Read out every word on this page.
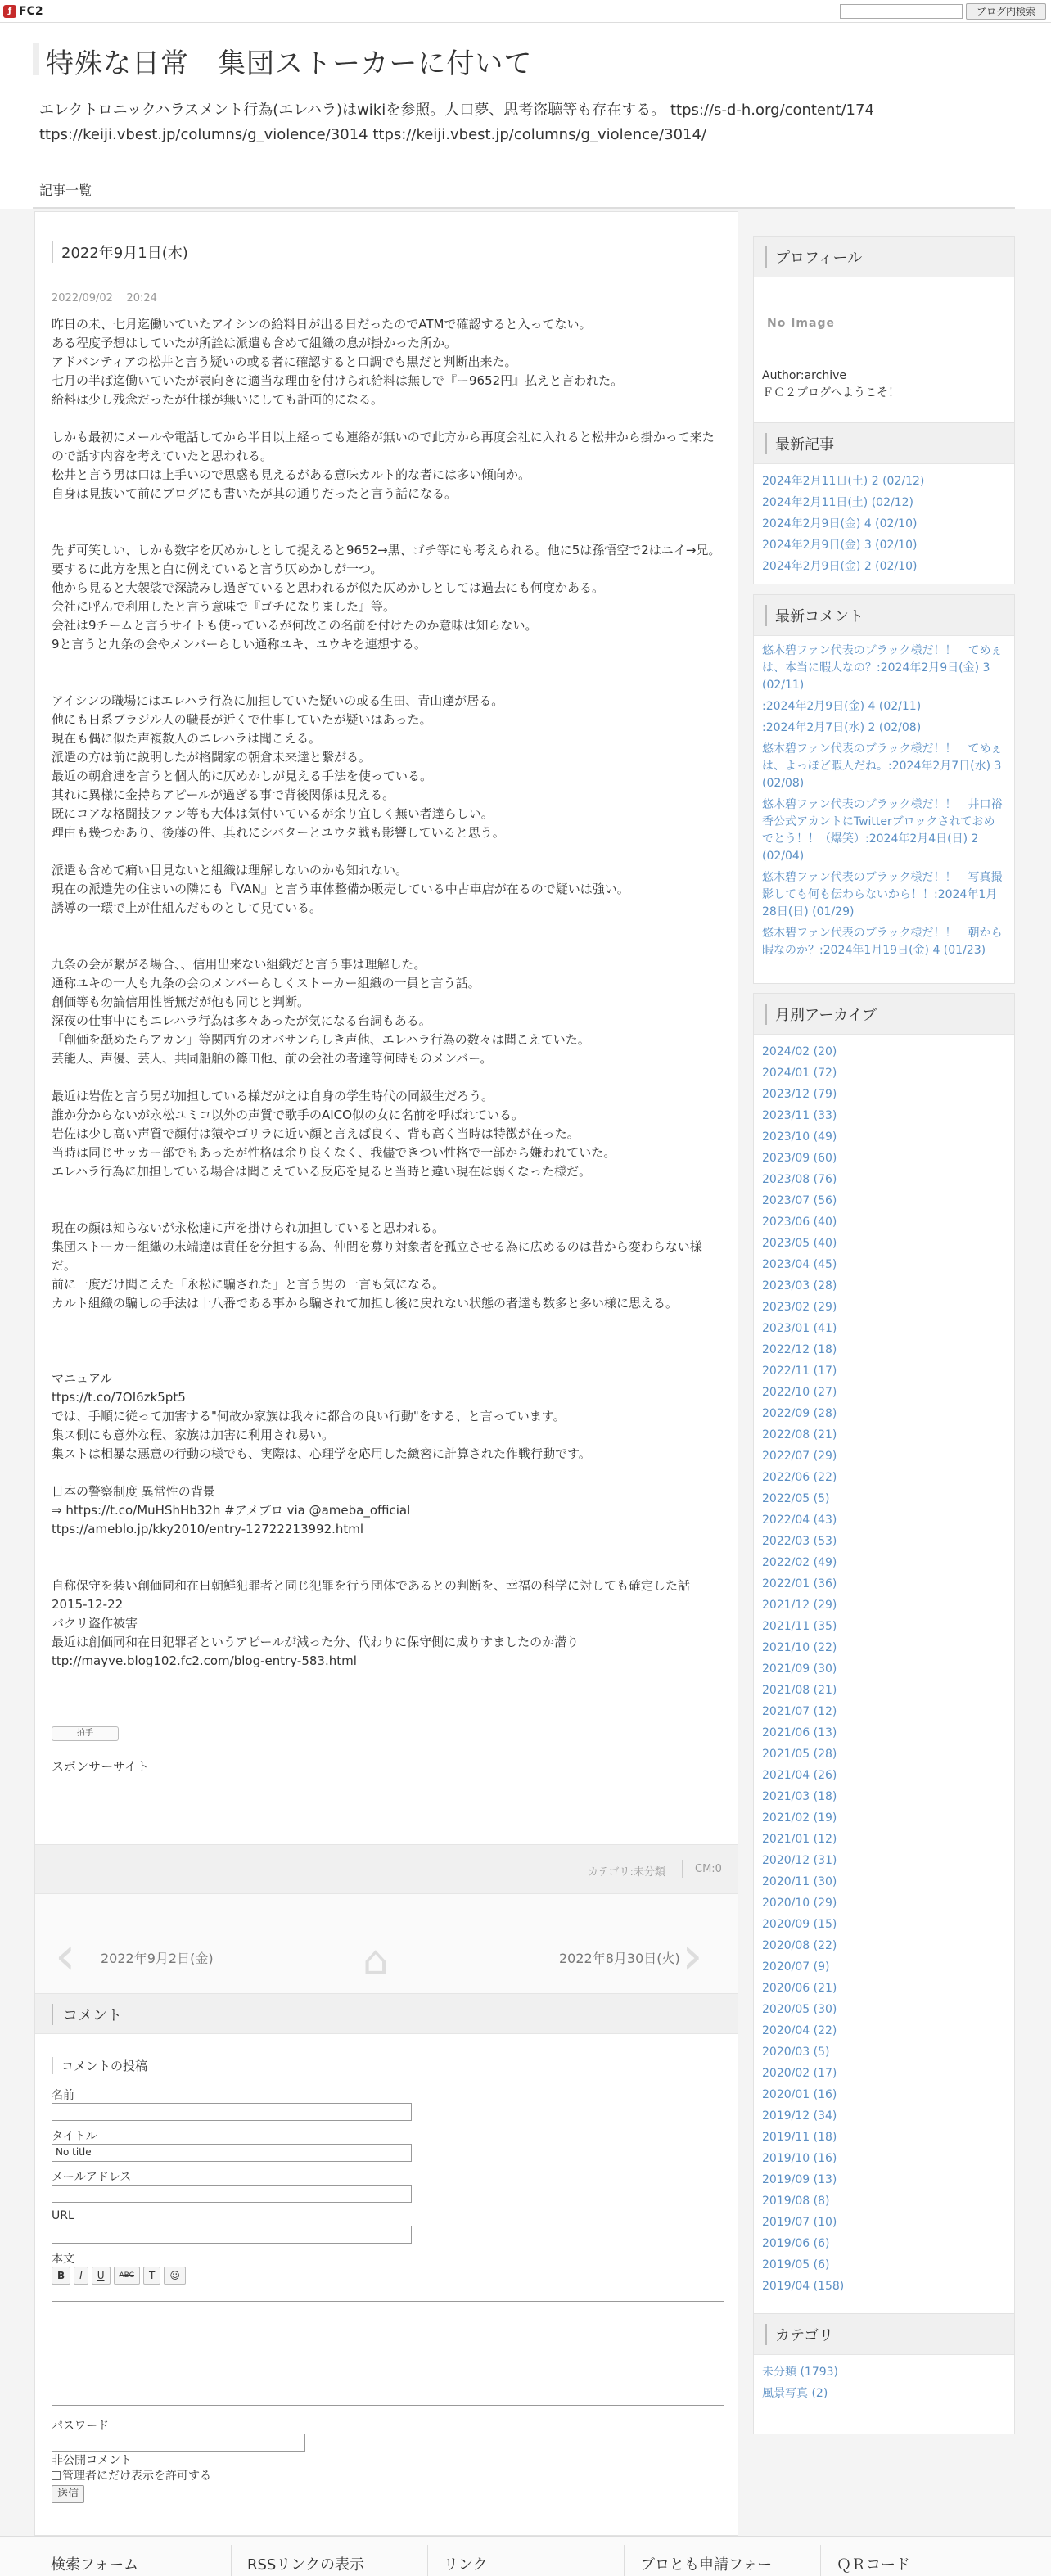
ƒ FC2	ブログ内検索
特殊な日常　集団ストーカーに付いて
エレクトロニックハラスメント行為(エレハラ)はwikiを参照。人口夢、思考盗聴等も存在する。 ttps://s-d-h.org/content/174 ttps://keiji.vbest.jp/columns/g_violence/3014 ttps://keiji.vbest.jp/columns/g_violence/3014/
記事一覧
2022年9月1日(木)
2022/09/02 20:24
昨日の未、七月迄働いていたアイシンの給料日が出る日だったのでATMで確認すると入ってない。
ある程度予想はしていたが所詮は派遣も含めて組織の息が掛かった所か。
アドバンティアの松井と言う疑いの或る者に確認すると口調でも黒だと判断出来た。
七月の半ば迄働いていたが表向きに適当な理由を付けられ給料は無しで『ー9652円』払えと言われた。
給料は少し残念だったが仕様が無いにしても計画的になる。

しかも最初にメールや電話してから半日以上経っても連絡が無いので此方から再度会社に入れると松井から掛かって来たので話す内容を考えていたと思われる。
松井と言う男は口は上手いので思惑も見えるがある意味カルト的な者には多い傾向か。
自身は見抜いて前にブログにも書いたが其の通りだったと言う話になる。

先ず可笑しい、しかも数字を仄めかしとして捉えると9652→黒、ゴチ等にも考えられる。他に5は孫悟空で2はニイ→兄。
要するに此方を黒と白に例えていると言う仄めかしが一つ。
他から見ると大袈裟で深読みし過ぎていると思われるが似た仄めかしとしては過去にも何度かある。
会社に呼んで利用したと言う意味で『ゴチになりました』等。
会社は9チームと言うサイトも使っているが何故この名前を付けたのか意味は知らない。
9と言うと九条の会やメンバーらしい通称ユキ、ユウキを連想する。

アイシンの職場にはエレハラ行為に加担していた疑いの或る生田、青山達が居る。
他にも日系ブラジル人の職長が近くで仕事していたが疑いはあった。
現在も偶に似た声複数人のエレハラは聞こえる。
派遣の方は前に説明したが格闘家の朝倉未来達と繋がる。
最近の朝倉達を言うと個人的に仄めかしが見える手法を使っている。
其れに異様に金持ちアピールが過ぎる事で背後関係は見える。
既にコアな格闘技ファン等も大体は気付いているが余り宜しく無い者達らしい。
理由も幾つかあり、後藤の件、其れにシバターとユウタ戦も影響していると思う。

派遣も含めて痛い目見ないと組織は理解しないのかも知れない。
現在の派遣先の住まいの隣にも『VAN』と言う車体整備か販売している中古車店が在るので疑いは強い。
誘導の一環で上が仕組んだものとして見ている。

九条の会が繋がる場合、、信用出来ない組織だと言う事は理解した。
通称ユキの一人も九条の会のメンバーらしくストーカー組織の一員と言う話。
創価等も勿論信用性皆無だが他も同じと判断。
深夜の仕事中にもエレハラ行為は多々あったが気になる台詞もある。
「創価を舐めたらアカン」等関西弁のオバサンらしき声他、エレハラ行為の数々は聞こえていた。
芸能人、声優、芸人、共同船舶の篠田他、前の会社の者達等何時ものメンバー。

最近は岩佐と言う男が加担している様だが之は自身の学生時代の同級生だろう。
誰か分からないが永松ユミコ以外の声質で歌手のAICO似の女に名前を呼ばれている。
岩佐は少し高い声質で顔付は猿やゴリラに近い顔と言えば良く、背も高く当時は特徴が在った。
当時は同じサッカー部でもあったが性格は余り良くなく、我儘できつい性格で一部から嫌われていた。
エレハラ行為に加担している場合は聞こえている反応を見ると当時と違い現在は弱くなった様だ。

現在の顔は知らないが永松達に声を掛けられ加担していると思われる。
集団ストーカー組織の末端達は責任を分担する為、仲間を募り対象者を孤立させる為に広めるのは昔から変わらない様だ。
前に一度だけ聞こえた「永松に騙された」と言う男の一言も気になる。
カルト組織の騙しの手法は十八番である事から騙されて加担し後に戻れない状態の者達も数多と多い様に思える。

マニュアル
ttps://t.co/7OI6zk5pt5
では、手順に従って加害する"何故か家族は我々に都合の良い行動"をする、と言っています。
集ス側にも意外な程、家族は加害に利用され易い。
集ストは相暴な悪意の行動の様でも、実際は、心理学を応用した緻密に計算された作戦行動です。

日本の警察制度 異常性の背景
⇒ https://t.co/MuHShHb32h #アメブロ via @ameba_official
ttps://ameblo.jp/kky2010/entry-12722213992.html

自称保守を装い創価同和在日朝鮮犯罪者と同じ犯罪を行う団体であるとの判断を、幸福の科学に対しても確定した話
2015-12-22
バクリ盗作被害
最近は創価同和在日犯罪者というアピールが減った分、代わりに保守側に成りすましたのか潜り
ttp://mayve.blog102.fc2.com/blog-entry-583.html
拍手
スポンサーサイト
カテゴリ:未分類	CM:0
‹ 2022年9月2日(金)	⌂	2022年8月30日(火) ›
コメント
コメントの投稿
名前
タイトル
No title
メールアドレス
URL
本文
B	I	U	ABC	T	☺
パスワード
非公開コメント
管理者にだけ表示を許可する
送信
プロフィール
No Image
Author:archive
ＦＣ２ブログへようこそ！
最新記事
2024年2月11日(土) 2 (02/12)
2024年2月11日(土) (02/12)
2024年2月9日(金) 4 (02/10)
2024年2月9日(金) 3 (02/10)
2024年2月9日(金) 2 (02/10)
最新コメント
悠木碧ファン代表のブラック様だ！！　てめぇは、本当に暇人なの？:2024年2月9日(金) 3 (02/11)
:2024年2月9日(金) 4 (02/11)
:2024年2月7日(水) 2 (02/08)
悠木碧ファン代表のブラック様だ！！　てめぇは、よっぽど暇人だね。:2024年2月7日(水) 3 (02/08)
悠木碧ファン代表のブラック様だ！！　井口裕香公式アカントにTwitterブロックされておめでとう！！（爆笑）:2024年2月4日(日) 2 (02/04)
悠木碧ファン代表のブラック様だ！！　写真撮影しても何も伝わらないから！！:2024年1月28日(日) (01/29)
悠木碧ファン代表のブラック様だ！！　朝から暇なのか？:2024年1月19日(金) 4 (01/23)
月別アーカイブ
2024/02 (20)
2024/01 (72)
2023/12 (79)
2023/11 (33)
2023/10 (49)
2023/09 (60)
2023/08 (76)
2023/07 (56)
2023/06 (40)
2023/05 (40)
2023/04 (45)
2023/03 (28)
2023/02 (29)
2023/01 (41)
2022/12 (18)
2022/11 (17)
2022/10 (27)
2022/09 (28)
2022/08 (21)
2022/07 (29)
2022/06 (22)
2022/05 (5)
2022/04 (43)
2022/03 (53)
2022/02 (49)
2022/01 (36)
2021/12 (29)
2021/11 (35)
2021/10 (22)
2021/09 (30)
2021/08 (21)
2021/07 (12)
2021/06 (13)
2021/05 (28)
2021/04 (26)
2021/03 (18)
2021/02 (19)
2021/01 (12)
2020/12 (31)
2020/11 (30)
2020/10 (29)
2020/09 (15)
2020/08 (22)
2020/07 (9)
2020/06 (21)
2020/05 (30)
2020/04 (22)
2020/03 (5)
2020/02 (17)
2020/01 (16)
2019/12 (34)
2019/11 (18)
2019/10 (16)
2019/09 (13)
2019/08 (8)
2019/07 (10)
2019/06 (6)
2019/05 (6)
2019/04 (158)
カテゴリ
未分類 (1793)
風景写真 (2)
検索フォーム	RSSリンクの表示	リンク	ブロとも申請フォー	ＱＲコード
